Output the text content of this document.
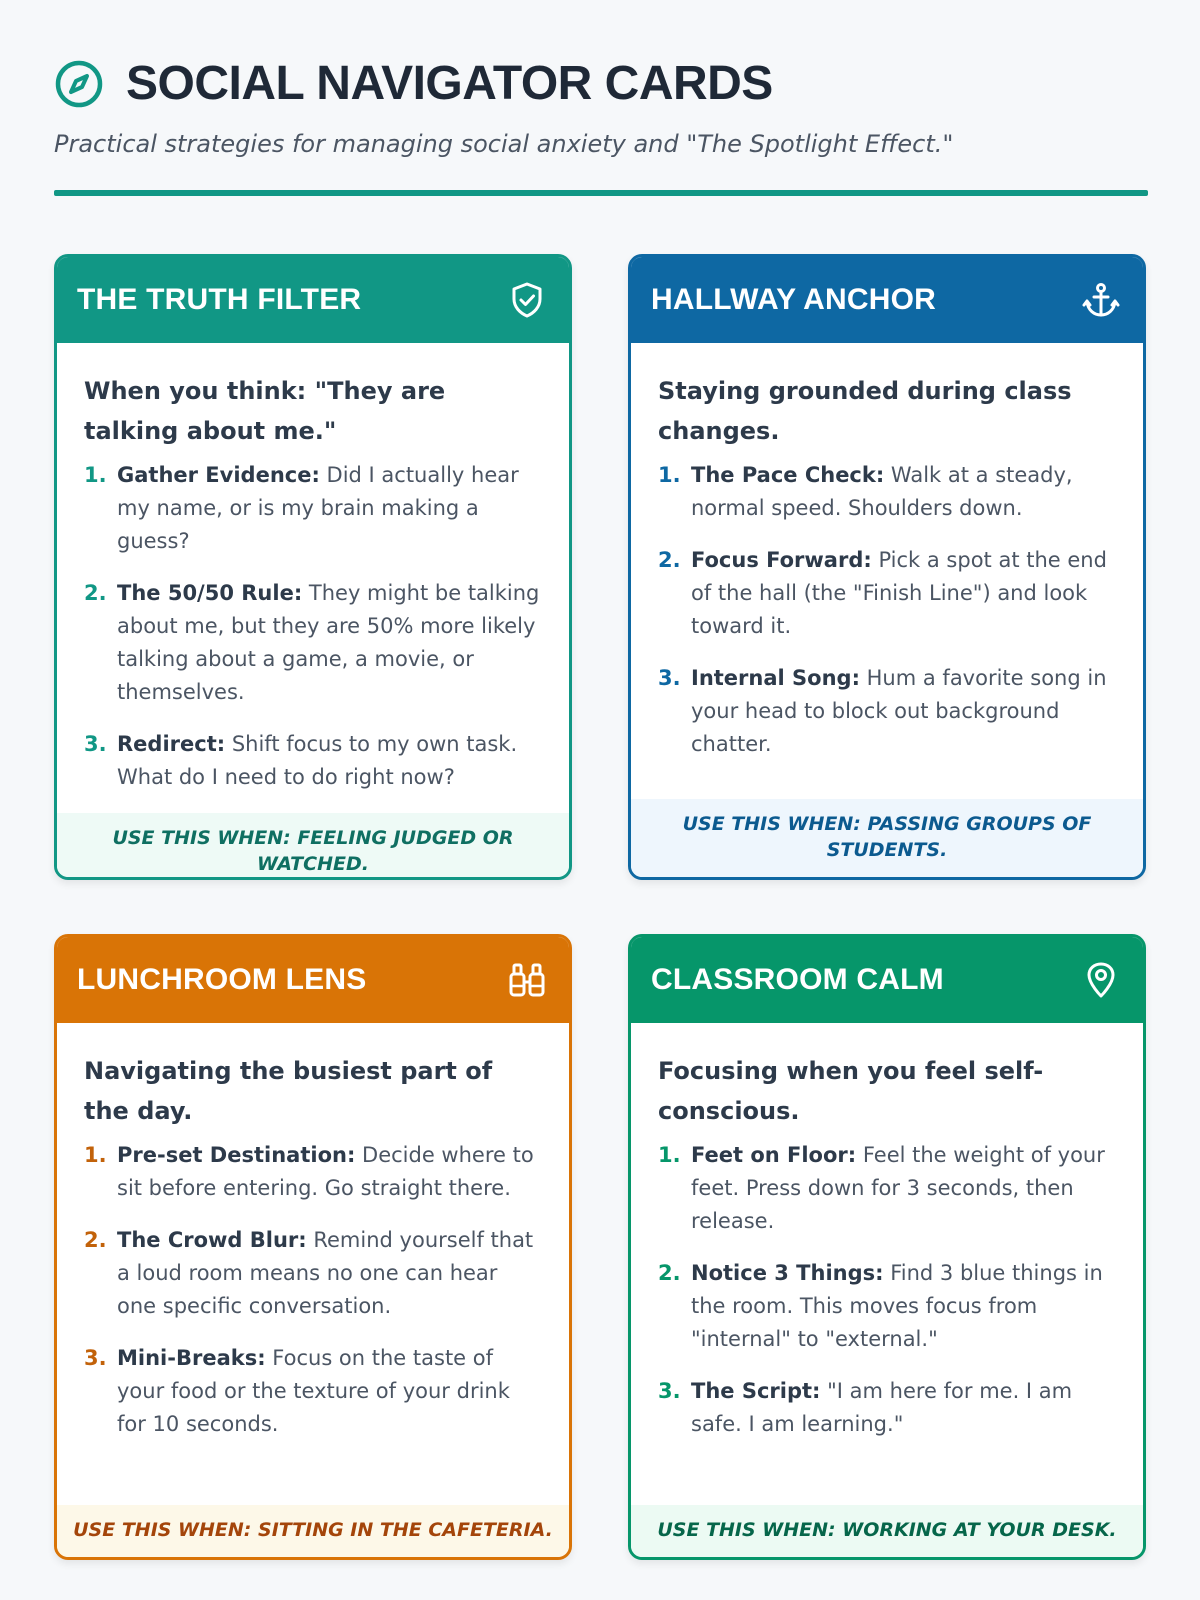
SOCIAL NAVIGATOR CARDS

Practical strategies for managing social anxiety and "The Spotlight Effect."

THE TRUTH FILTER

When you think: "They are talking about me."

1. Gather Evidence: Did I actually hear my name, or is my brain making a guess?
2. The 50/50 Rule: They might be talking about me, but they are 50% more likely talking about a game, a movie, or themselves.
3. Redirect: Shift focus to my own task. What do I need to do right now?
USE THIS WHEN: FEELING JUDGED OR WATCHED.
HALLWAY ANCHOR

Staying grounded during class changes.

1. The Pace Check: Walk at a steady, normal speed. Shoulders down.
2. Focus Forward: Pick a spot at the end of the hall (the "Finish Line") and look toward it.
3. Internal Song: Hum a favorite song in your head to block out background chatter.
USE THIS WHEN: PASSING GROUPS OF STUDENTS.
LUNCHROOM LENS

Navigating the busiest part of the day.

1. Pre-set Destination: Decide where to sit before entering. Go straight there.
2. The Crowd Blur: Remind yourself that a loud room means no one can hear one specific conversation.
3. Mini-Breaks: Focus on the taste of your food or the texture of your drink for 10 seconds.
USE THIS WHEN: SITTING IN THE CAFETERIA.
CLASSROOM CALM

Focusing when you feel self-conscious.

1. Feet on Floor: Feel the weight of your feet. Press down for 3 seconds, then release.
2. Notice 3 Things: Find 3 blue things in the room. This moves focus from "internal" to "external."
3. The Script: "I am here for me. I am safe. I am learning."
USE THIS WHEN: WORKING AT YOUR DESK.
